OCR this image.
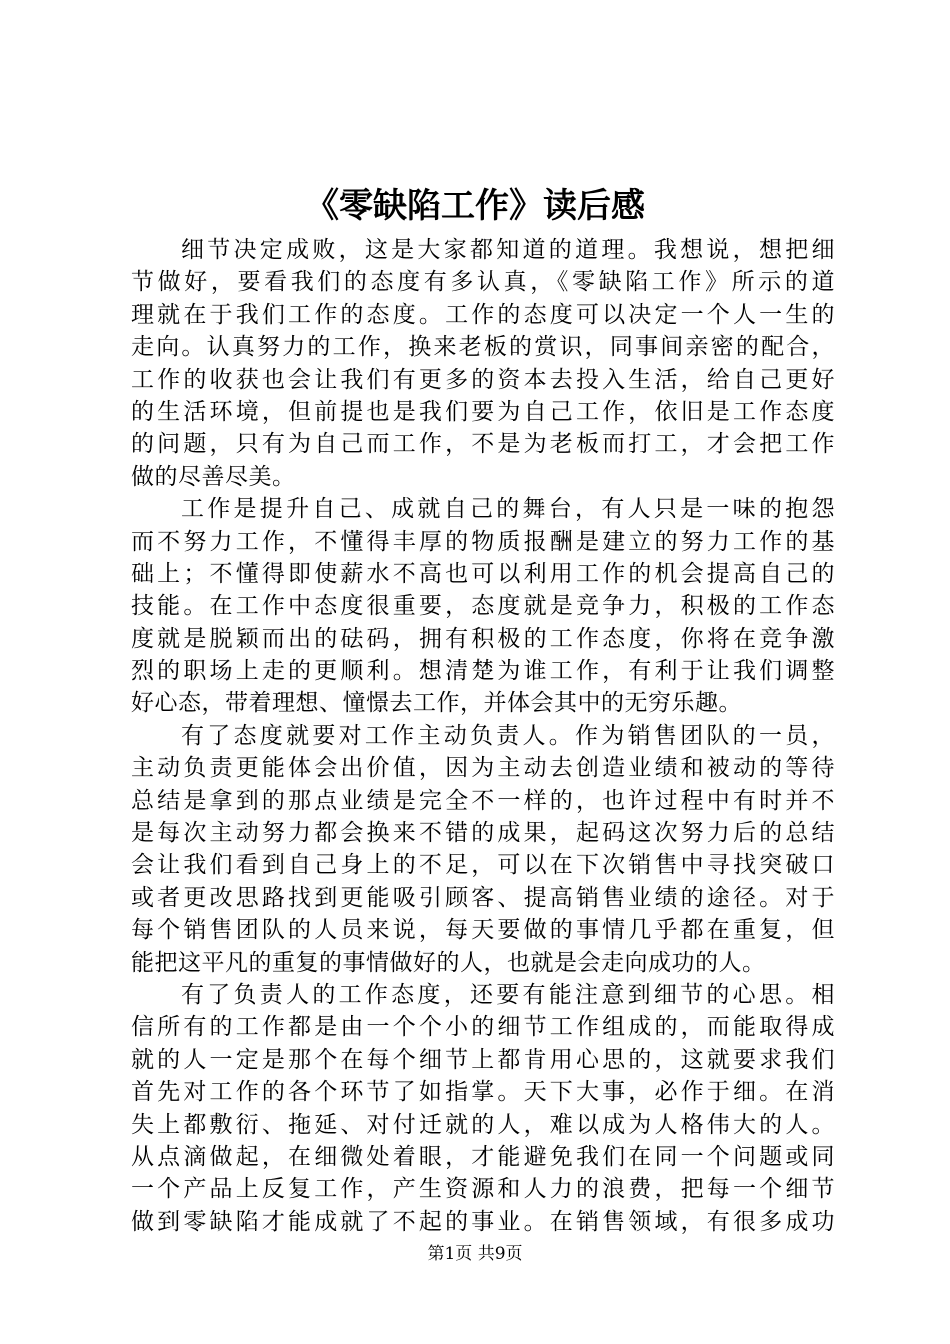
《零缺陷工作》读后感
细节决定成败，这是大家都知道的道理。我想说，想把细
节做好，要看我们的态度有多认真，《零缺陷工作》所示的道
理就在于我们工作的态度。工作的态度可以决定一个人一生的
走向。认真努力的工作，换来老板的赏识，同事间亲密的配合，
工作的收获也会让我们有更多的资本去投入生活，给自己更好
的生活环境，但前提也是我们要为自己工作，依旧是工作态度
的问题，只有为自己而工作，不是为老板而打工，才会把工作
做的尽善尽美。
工作是提升自己、成就自己的舞台，有人只是一味的抱怨
而不努力工作，不懂得丰厚的物质报酬是建立的努力工作的基
础上；不懂得即使薪水不高也可以利用工作的机会提高自己的
技能。在工作中态度很重要，态度就是竞争力，积极的工作态
度就是脱颖而出的砝码，拥有积极的工作态度，你将在竞争激
烈的职场上走的更顺利。想清楚为谁工作，有利于让我们调整
好心态，带着理想、憧憬去工作，并体会其中的无穷乐趣。
有了态度就要对工作主动负责人。作为销售团队的一员，
主动负责更能体会出价值，因为主动去创造业绩和被动的等待
总结是拿到的那点业绩是完全不一样的，也许过程中有时并不
是每次主动努力都会换来不错的成果，起码这次努力后的总结
会让我们看到自己身上的不足，可以在下次销售中寻找突破口
或者更改思路找到更能吸引顾客、提高销售业绩的途径。对于
每个销售团队的人员来说，每天要做的事情几乎都在重复，但
能把这平凡的重复的事情做好的人，也就是会走向成功的人。
有了负责人的工作态度，还要有能注意到细节的心思。相
信所有的工作都是由一个个小的细节工作组成的，而能取得成
就的人一定是那个在每个细节上都肯用心思的，这就要求我们
首先对工作的各个环节了如指掌。天下大事，必作于细。在消
失上都敷衍、拖延、对付迁就的人，难以成为人格伟大的人。
从点滴做起，在细微处着眼，才能避免我们在同一个问题或同
一个产品上反复工作，产生资源和人力的浪费，把每一个细节
做到零缺陷才能成就了不起的事业。在销售领域，有很多成功
第1页 共9页
